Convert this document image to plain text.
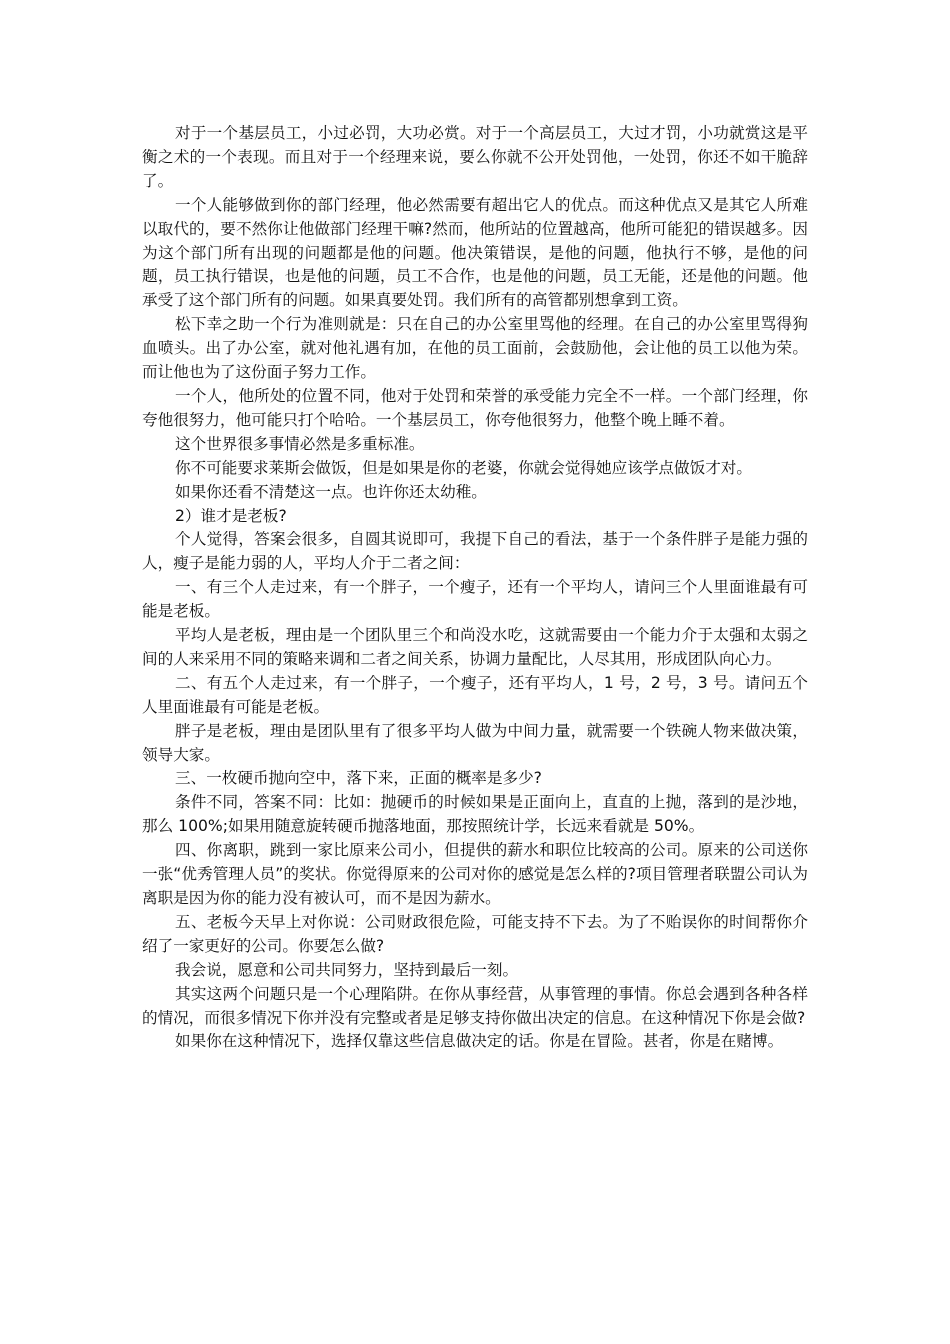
对于一个基层员工，小过必罚，大功必赏。对于一个高层员工，大过才罚，小功就赏这是平衡之术的一个表现。而且对于一个经理来说，要么你就不公开处罚他，一处罚，你还不如干脆辞了。

一个人能够做到你的部门经理，他必然需要有超出它人的优点。而这种优点又是其它人所难以取代的，要不然你让他做部门经理干嘛?然而，他所站的位置越高，他所可能犯的错误越多。因为这个部门所有出现的问题都是他的问题。他决策错误，是他的问题，他执行不够，是他的问题，员工执行错误，也是他的问题，员工不合作，也是他的问题，员工无能，还是他的问题。他承受了这个部门所有的问题。如果真要处罚。我们所有的高管都别想拿到工资。

松下幸之助一个行为准则就是：只在自己的办公室里骂他的经理。在自己的办公室里骂得狗血喷头。出了办公室，就对他礼遇有加，在他的员工面前，会鼓励他，会让他的员工以他为荣。而让他也为了这份面子努力工作。

一个人，他所处的位置不同，他对于处罚和荣誉的承受能力完全不一样。一个部门经理，你夸他很努力，他可能只打个哈哈。一个基层员工，你夸他很努力，他整个晚上睡不着。

这个世界很多事情必然是多重标准。

你不可能要求莱斯会做饭，但是如果是你的老婆，你就会觉得她应该学点做饭才对。

如果你还看不清楚这一点。也许你还太幼稚。

2）谁才是老板?

个人觉得，答案会很多，自圆其说即可，我提下自己的看法，基于一个条件胖子是能力强的人，瘦子是能力弱的人，平均人介于二者之间：

一、有三个人走过来，有一个胖子，一个瘦子，还有一个平均人，请问三个人里面谁最有可能是老板。

平均人是老板，理由是一个团队里三个和尚没水吃，这就需要由一个能力介于太强和太弱之间的人来采用不同的策略来调和二者之间关系，协调力量配比，人尽其用，形成团队向心力。

二、有五个人走过来，有一个胖子，一个瘦子，还有平均人，1 号，2 号，3 号。请问五个人里面谁最有可能是老板。

胖子是老板，理由是团队里有了很多平均人做为中间力量，就需要一个铁碗人物来做决策，领导大家。

三、一枚硬币抛向空中，落下来，正面的概率是多少?

条件不同，答案不同：比如：抛硬币的时候如果是正面向上，直直的上抛，落到的是沙地，那么 100%;如果用随意旋转硬币抛落地面，那按照统计学，长远来看就是 50%。

四、你离职，跳到一家比原来公司小，但提供的薪水和职位比较高的公司。原来的公司送你一张“优秀管理人员”的奖状。你觉得原来的公司对你的感觉是怎么样的?项目管理者联盟公司认为离职是因为你的能力没有被认可，而不是因为薪水。

五、老板今天早上对你说：公司财政很危险，可能支持不下去。为了不贻误你的时间帮你介绍了一家更好的公司。你要怎么做?

我会说，愿意和公司共同努力，坚持到最后一刻。

其实这两个问题只是一个心理陷阱。在你从事经营，从事管理的事情。你总会遇到各种各样的情况，而很多情况下你并没有完整或者是足够支持你做出决定的信息。在这种情况下你是会做?

如果你在这种情况下，选择仅靠这些信息做决定的话。你是在冒险。甚者，你是在赌博。
